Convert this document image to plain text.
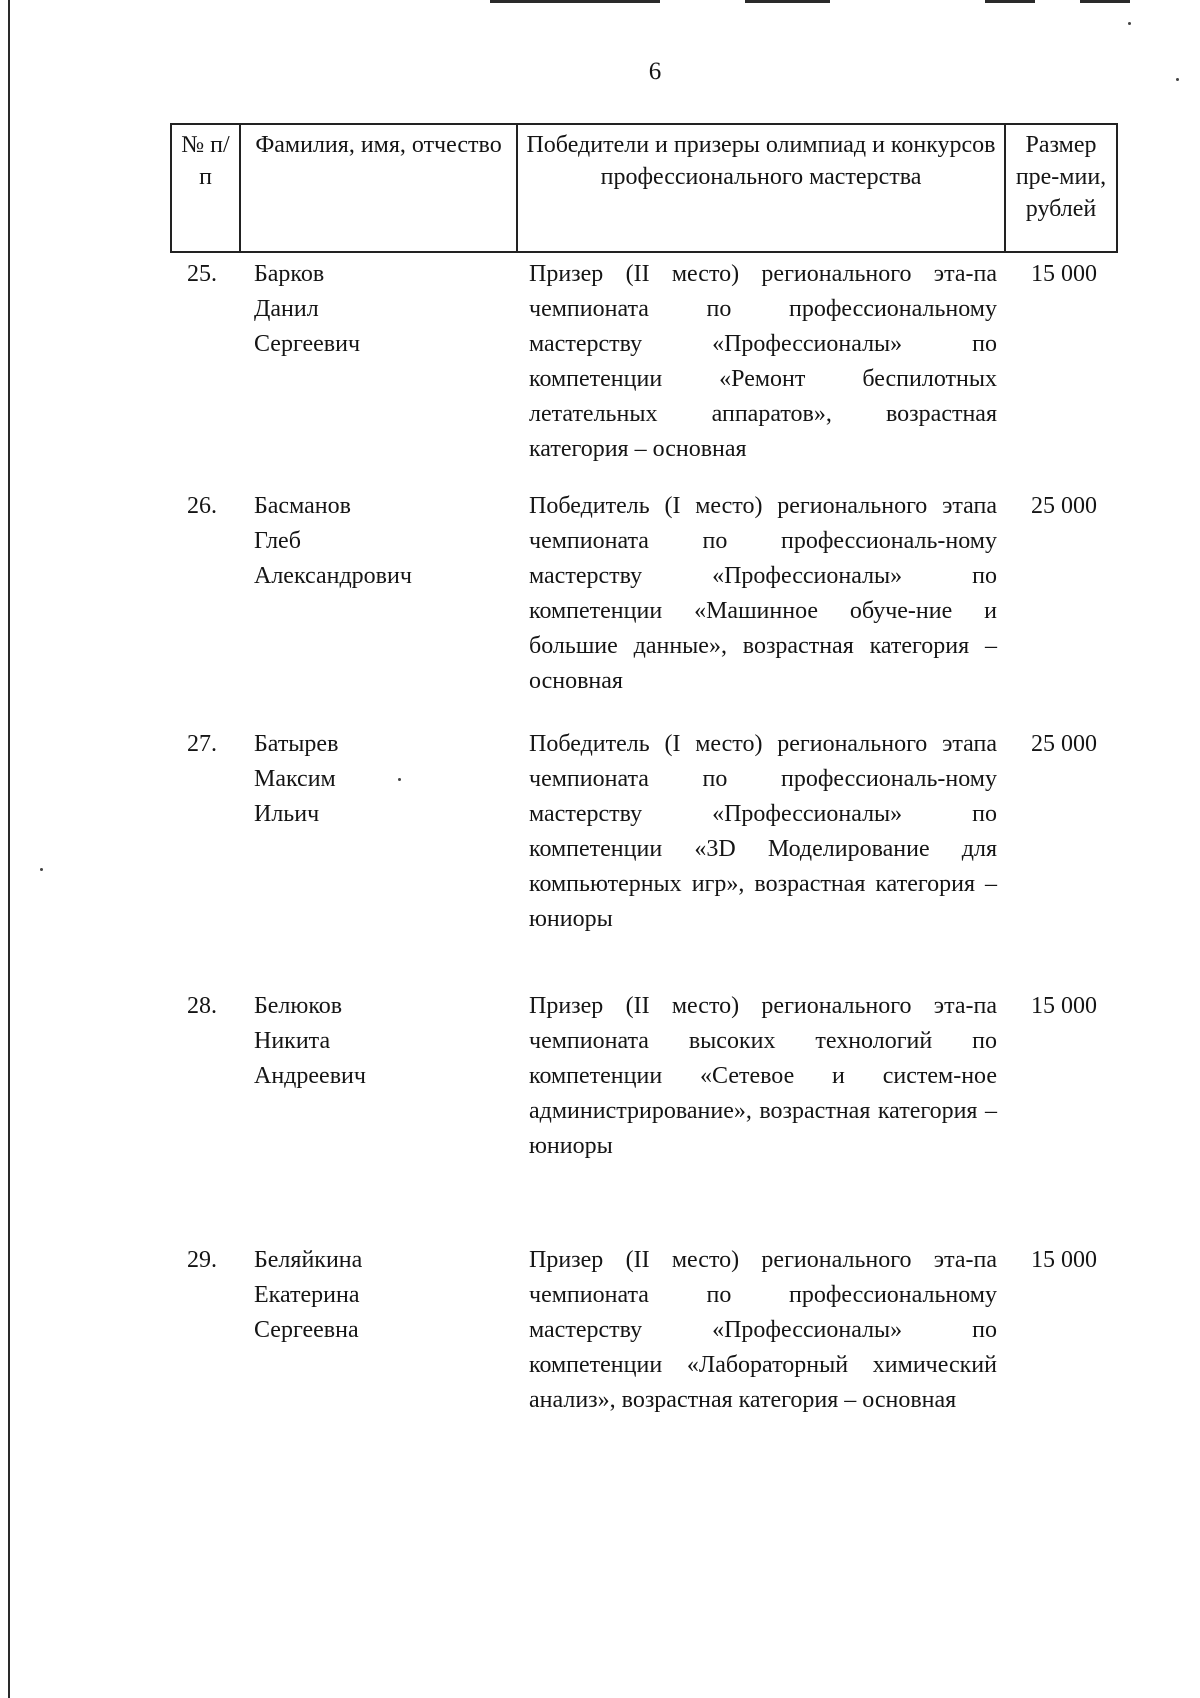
6
№ п/п	Фамилия, имя, отчество	Победители и призеры олимпиад и конкурсов профессионального мастерства	Размер пре-мии, рублей
25.	Барков
Данил
Сергеевич	Призер (II место) регионального эта-па чемпионата по профессиональному мастерству «Профессионалы» по компетенции «Ремонт беспилотных летательных аппаратов», возрастная категория – основная	15 000
26.	Басманов
Глеб
Александрович	Победитель (I место) регионального этапа чемпионата по профессиональ-ному мастерству «Профессионалы» по компетенции «Машинное обуче-ние и большие данные», возрастная категория – основная	25 000
27.	Батырев
Максим
Ильич	Победитель (I место) регионального этапа чемпионата по профессиональ-ному мастерству «Профессионалы» по компетенции «3D Моделирование для компьютерных игр», возрастная категория – юниоры	25 000
28.	Белюков
Никита
Андреевич	Призер (II место) регионального эта-па чемпионата высоких технологий по компетенции «Сетевое и систем-ное администрирование», возрастная категория – юниоры	15 000
29.	Беляйкина
Екатерина
Сергеевна	Призер (II место) регионального эта-па чемпионата по профессиональному мастерству «Профессионалы» по компетенции «Лабораторный химический анализ», возрастная категория – основная	15 000
